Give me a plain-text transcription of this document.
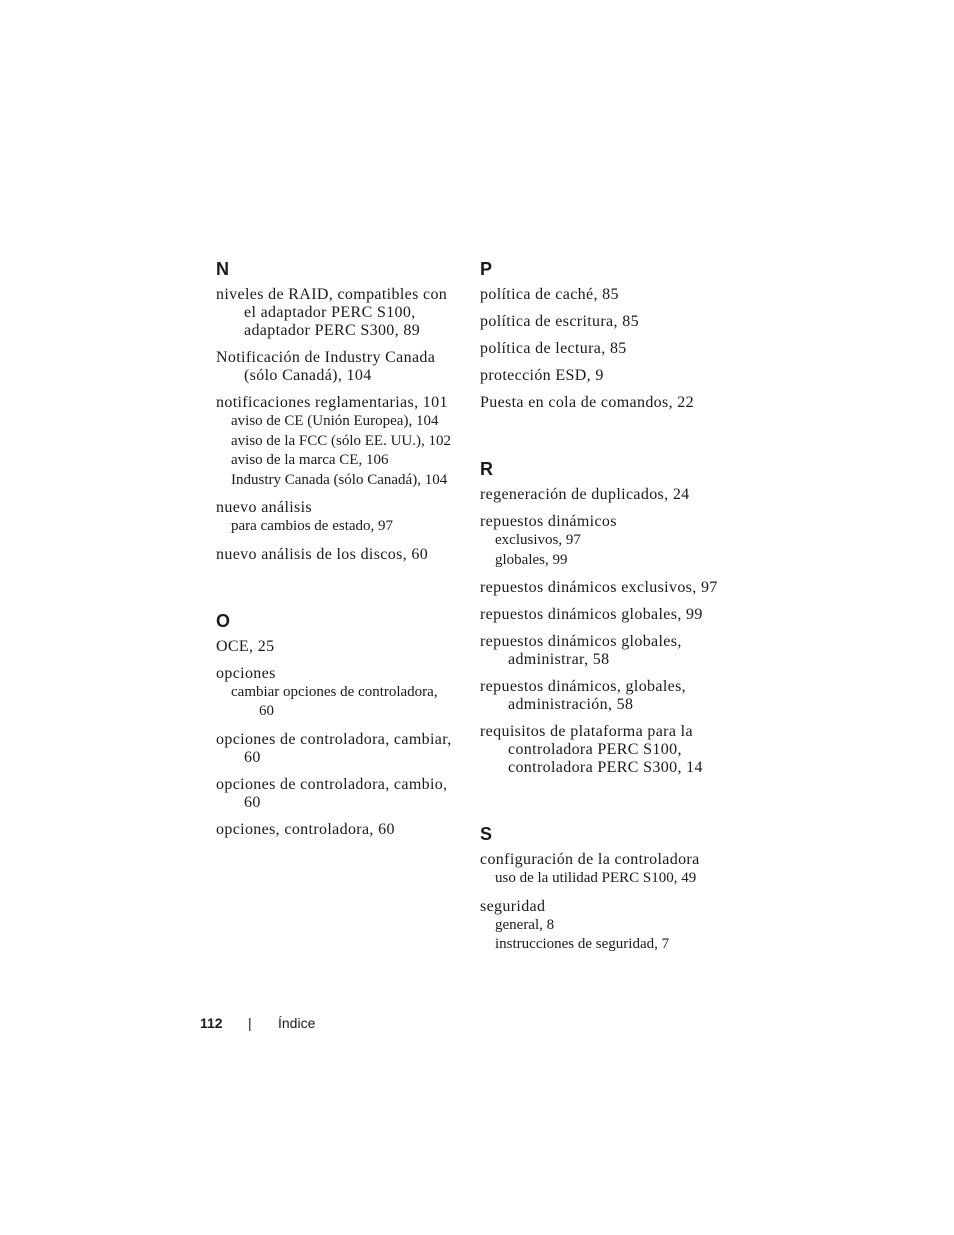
N
niveles de RAID, compatibles con el adaptador PERC S100, adaptador PERC S300, 89
Notificación de Industry Canada (sólo Canadá), 104
notificaciones reglamentarias, 101
aviso de CE (Unión Europea), 104
aviso de la FCC (sólo EE. UU.), 102
aviso de la marca CE, 106
Industry Canada (sólo Canadá), 104
nuevo análisis
para cambios de estado, 97
nuevo análisis de los discos, 60
O
OCE, 25
opciones
cambiar opciones de controladora, 60
opciones de controladora, cambiar, 60
opciones de controladora, cambio, 60
opciones, controladora, 60
P
política de caché, 85
política de escritura, 85
política de lectura, 85
protección ESD, 9
Puesta en cola de comandos, 22
R
regeneración de duplicados, 24
repuestos dinámicos
exclusivos, 97
globales, 99
repuestos dinámicos exclusivos, 97
repuestos dinámicos globales, 99
repuestos dinámicos globales, administrar, 58
repuestos dinámicos, globales, administración, 58
requisitos de plataforma para la controladora PERC S100, controladora PERC S300, 14
S
configuración de la controladora
uso de la utilidad PERC S100, 49
seguridad
general, 8
instrucciones de seguridad, 7
112 | Índice
